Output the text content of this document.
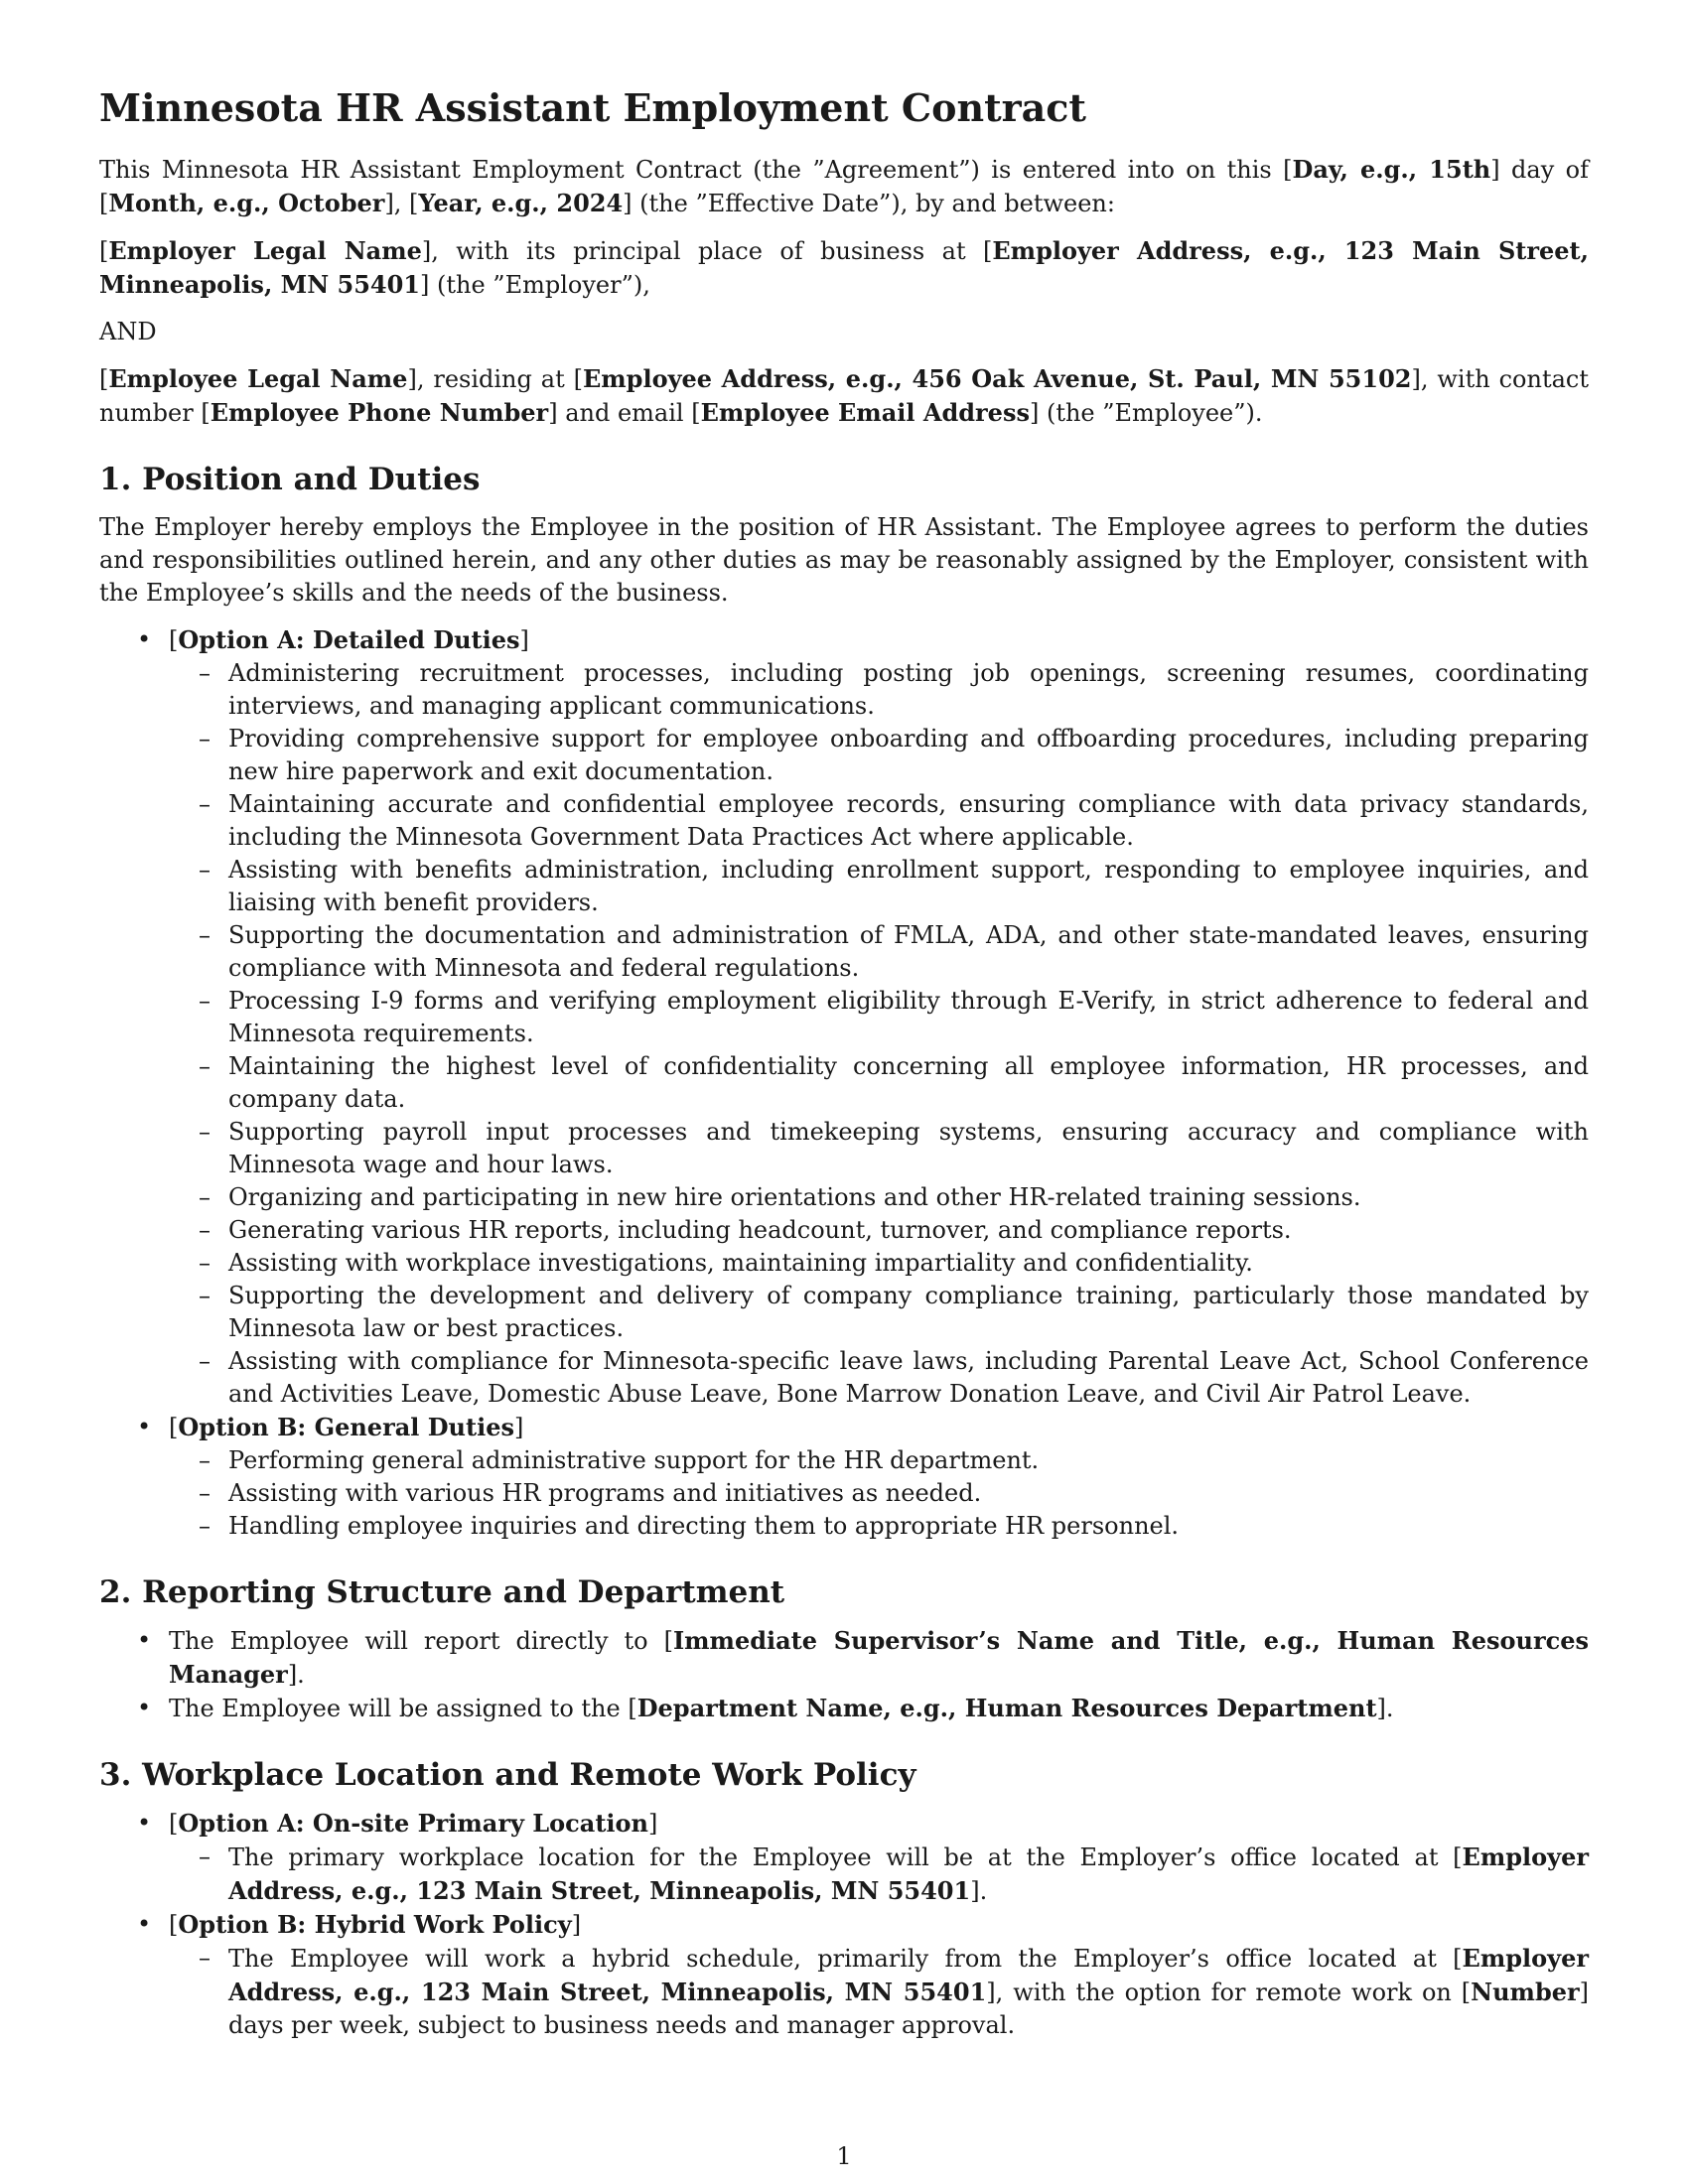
Minnesota HR Assistant Employment Contract

This Minnesota HR Assistant Employment Contract (the ”Agreement”) is entered into on this [Day, e.g., 15th] day of [Month, e.g., October], [Year, e.g., 2024] (the ”Effective Date”), by and between:

[Employer Legal Name], with its principal place of business at [Employer Address, e.g., 123 Main Street, Minneapolis, MN 55401] (the ”Employer”),

AND

[Employee Legal Name], residing at [Employee Address, e.g., 456 Oak Avenue, St. Paul, MN 55102], with contact number [Employee Phone Number] and email [Employee Email Address] (the ”Employee”).

1. Position and Duties

The Employer hereby employs the Employee in the position of HR Assistant. The Employee agrees to perform the duties and responsibilities outlined herein, and any other duties as may be reasonably assigned by the Employer, consistent with the Employee’s skills and the needs of the business.

• [Option A: Detailed Duties]
– Administering recruitment processes, including posting job openings, screening resumes, coordinating interviews, and managing applicant communications.
– Providing comprehensive support for employee onboarding and offboarding procedures, including preparing new hire paperwork and exit documentation.
– Maintaining accurate and confidential employee records, ensuring compliance with data privacy standards, including the Minnesota Government Data Practices Act where applicable.
– Assisting with benefits administration, including enrollment support, responding to employee inquiries, and liaising with benefit providers.
– Supporting the documentation and administration of FMLA, ADA, and other state-mandated leaves, ensuring compliance with Minnesota and federal regulations.
– Processing I-9 forms and verifying employment eligibility through E-Verify, in strict adherence to federal and Minnesota requirements.
– Maintaining the highest level of confidentiality concerning all employee information, HR processes, and company data.
– Supporting payroll input processes and timekeeping systems, ensuring accuracy and compliance with Minnesota wage and hour laws.
– Organizing and participating in new hire orientations and other HR-related training sessions.
– Generating various HR reports, including headcount, turnover, and compliance reports.
– Assisting with workplace investigations, maintaining impartiality and confidentiality.
– Supporting the development and delivery of company compliance training, particularly those mandated by Minnesota law or best practices.
– Assisting with compliance for Minnesota-specific leave laws, including Parental Leave Act, School Conference and Activities Leave, Domestic Abuse Leave, Bone Marrow Donation Leave, and Civil Air Patrol Leave.
• [Option B: General Duties]
– Performing general administrative support for the HR department.
– Assisting with various HR programs and initiatives as needed.
– Handling employee inquiries and directing them to appropriate HR personnel.
2. Reporting Structure and Department
• The Employee will report directly to [Immediate Supervisor’s Name and Title, e.g., Human Resources Manager].
• The Employee will be assigned to the [Department Name, e.g., Human Resources Department].
3. Workplace Location and Remote Work Policy
• [Option A: On-site Primary Location]
– The primary workplace location for the Employee will be at the Employer’s office located at [Employer Address, e.g., 123 Main Street, Minneapolis, MN 55401].
• [Option B: Hybrid Work Policy]
– The Employee will work a hybrid schedule, primarily from the Employer’s office located at [Employer Address, e.g., 123 Main Street, Minneapolis, MN 55401], with the option for remote work on [Number] days per week, subject to business needs and manager approval.
1
